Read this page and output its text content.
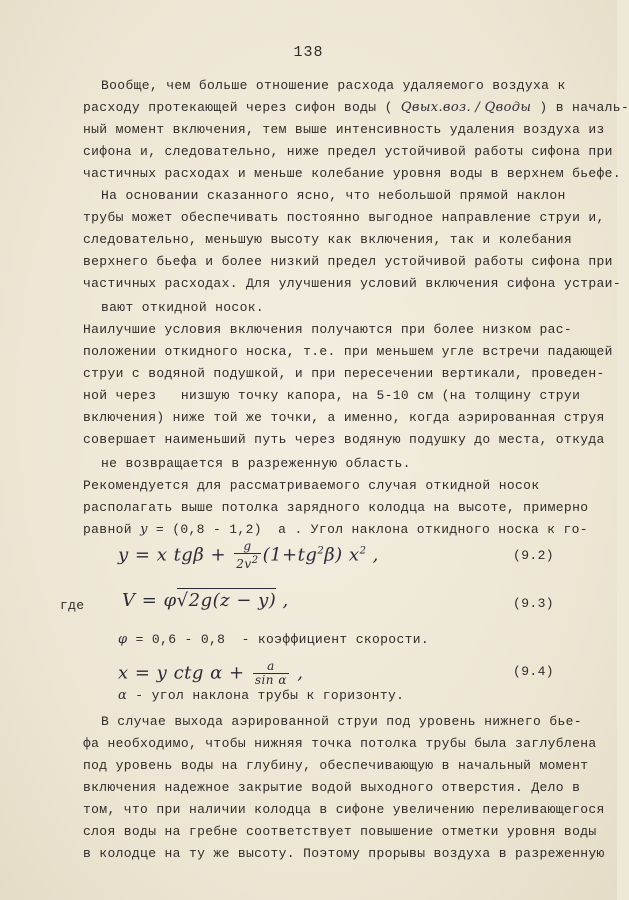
138
Вообще, чем больше отношение расхода удаляемого воздуха к
расходу протекающей через сифон воды ( Qвых.воз. / Qводы ) в началь-
ный момент включения, тем выше интенсивность удаления воздуха из
сифона и, следовательно, ниже предел устойчивой работы сифона при
частичных расходах и меньше колебание уровня воды в верхнем бьефе.
На основании сказанного ясно, что небольшой прямой наклон
трубы может обеспечивать постоянно выгодное направление струи и,
следовательно, меньшую высоту как включения, так и колебания
верхнего бьефа и более низкий предел устойчивой работы сифона при
частичных расходах. Для улучшения условий включения сифона устраи-
вают откидной носок.
Наилучшие условия включения получаются при более низком рас-
положении откидного носка, т.е. при меньшем угле встречи падающей
струи с водяной подушкой, и при пересечении вертикали, проведен-
ной через   низшую точку капора, на 5-10 см (на толщину струи
включения) ниже той же точки, а именно, когда аэрированная струя
совершает наименьший путь через водяную подушку до места, откуда
не возвращается в разреженную область.
Рекомендуется для рассматриваемого случая откидной носок
располагать выше потолка зарядного колодца на высоте, примерно
равной y = (0,8 - 1,2)  a . Угол наклона откидного носка к го-
y = x $tg\beta + \frac{g}{2v^2} (1+tg^2\beta)$ $x^2$ ,	(9.2)
где V = φ√2g(z − y) ,	(9.3)
φ = 0,6 - 0,8  - коэффициент скорости.
x = y ctg $\alpha + \frac{a}{\text{sin α}}$ ,	(9.4)
α - угол наклона трубы к горизонту.
В случае выхода аэрированной струи под уровень нижнего бье-
фа необходимо, чтобы нижняя точка потолка трубы была заглублена
под уровень воды на глубину, обеспечивающую в начальный момент
включения надежное закрытие водой выходного отверстия. Дело в
том, что при наличии колодца в сифоне увеличению переливающегося
слоя воды на гребне соответствует повышение отметки уровня воды
в колодце на ту же высоту. Поэтому прорывы воздуха в разреженную
